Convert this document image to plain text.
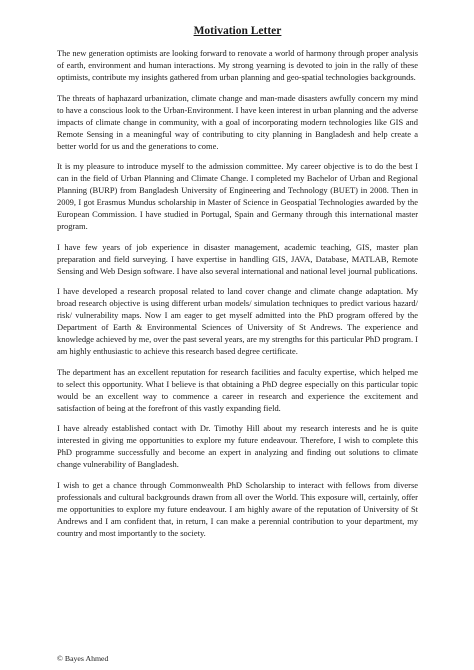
Motivation Letter

The new generation optimists are looking forward to renovate a world of harmony through proper analysis of earth, environment and human interactions. My strong yearning is devoted to join in the rally of these optimists, contribute my insights gathered from urban planning and geo-spatial technologies backgrounds.

The threats of haphazard urbanization, climate change and man-made disasters awfully concern my mind to have a conscious look to the Urban-Environment. I have keen interest in urban planning and the adverse impacts of climate change in community, with a goal of incorporating modern technologies like GIS and Remote Sensing in a meaningful way of contributing to city planning in Bangladesh and help create a better world for us and the generations to come.

It is my pleasure to introduce myself to the admission committee. My career objective is to do the best I can in the field of Urban Planning and Climate Change. I completed my Bachelor of Urban and Regional Planning (BURP) from Bangladesh University of Engineering and Technology (BUET) in 2008. Then in 2009, I got Erasmus Mundus scholarship in Master of Science in Geospatial Technologies awarded by the European Commission. I have studied in Portugal, Spain and Germany through this international master program.

I have few years of job experience in disaster management, academic teaching, GIS, master plan preparation and field surveying. I have expertise in handling GIS, JAVA, Database, MATLAB, Remote Sensing and Web Design software. I have also several international and national level journal publications.

I have developed a research proposal related to land cover change and climate change adaptation. My broad research objective is using different urban models/ simulation techniques to predict various hazard/ risk/ vulnerability maps. Now I am eager to get myself admitted into the PhD program offered by the Department of Earth & Environmental Sciences of University of St Andrews. The experience and knowledge achieved by me, over the past several years, are my strengths for this particular PhD program. I am highly enthusiastic to achieve this research based degree certificate.

The department has an excellent reputation for research facilities and faculty expertise, which helped me to select this opportunity. What I believe is that obtaining a PhD degree especially on this particular topic would be an excellent way to commence a career in research and experience the excitement and satisfaction of being at the forefront of this vastly expanding field.

I have already established contact with Dr. Timothy Hill about my research interests and he is quite interested in giving me opportunities to explore my future endeavour. Therefore, I wish to complete this PhD programme successfully and become an expert in analyzing and finding out solutions to climate change vulnerability of Bangladesh.

I wish to get a chance through Commonwealth PhD Scholarship to interact with fellows from diverse professionals and cultural backgrounds drawn from all over the World. This exposure will, certainly, offer me opportunities to explore my future endeavour. I am highly aware of the reputation of University of St Andrews and I am confident that, in return, I can make a perennial contribution to your department, my country and most importantly to the society.

© Bayes Ahmed
